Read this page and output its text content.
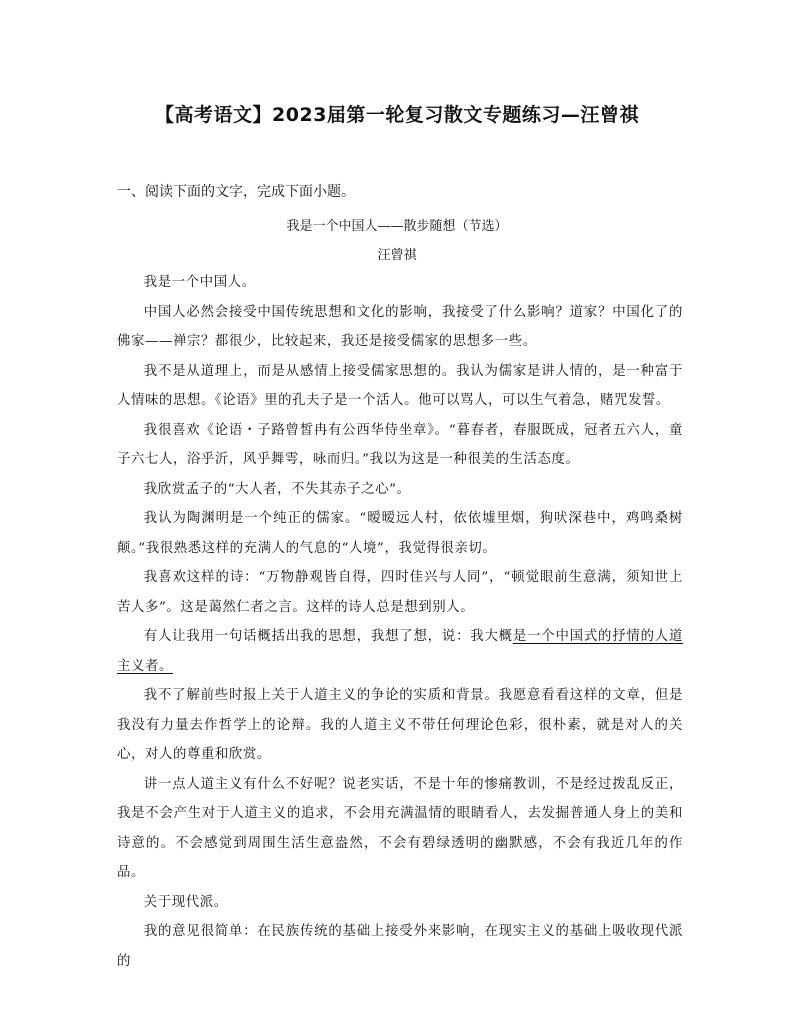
【高考语文】2023届第一轮复习散文专题练习—汪曾祺
一、阅读下面的文字，完成下面小题。
我是一个中国人——散步随想（节选）
汪曾祺

我是一个中国人。

中国人必然会接受中国传统思想和文化的影响，我接受了什么影响？道家？中国化了的佛家——禅宗？都很少，比较起来，我还是接受儒家的思想多一些。

我不是从道理上，而是从感情上接受儒家思想的。我认为儒家是讲人情的，是一种富于人情味的思想。《论语》里的孔夫子是一个活人。他可以骂人，可以生气着急，赌咒发誓。

我很喜欢《论语・子路曾皙冉有公西华侍坐章》。“暮春者，春服既成，冠者五六人，童子六七人，浴乎沂，风乎舞雩，咏而归。”我以为这是一种很美的生活态度。

我欣赏孟子的“大人者，不失其赤子之心”。

我认为陶渊明是一个纯正的儒家。“暧暧远人村，依依墟里烟，狗吠深巷中，鸡鸣桑树颠。”我很熟悉这样的充满人的气息的“人境”，我觉得很亲切。

我喜欢这样的诗：“万物静观皆自得，四时佳兴与人同”，“顿觉眼前生意满，须知世上苦人多”。这是蔼然仁者之言。这样的诗人总是想到别人。

有人让我用一句话概括出我的思想，我想了想，说：我大概是一个中国式的抒情的人道主义者。

我不了解前些时报上关于人道主义的争论的实质和背景。我愿意看看这样的文章，但是我没有力量去作哲学上的论辩。我的人道主义不带任何理论色彩，很朴素，就是对人的关心，对人的尊重和欣赏。

讲一点人道主义有什么不好呢？说老实话，不是十年的惨痛教训，不是经过拨乱反正，我是不会产生对于人道主义的追求，不会用充满温情的眼睛看人，去发掘普通人身上的美和诗意的。不会感觉到周围生活生意盎然，不会有碧绿透明的幽默感，不会有我近几年的作品。

关于现代派。

我的意见很简单：在民族传统的基础上接受外来影响，在现实主义的基础上吸收现代派的
